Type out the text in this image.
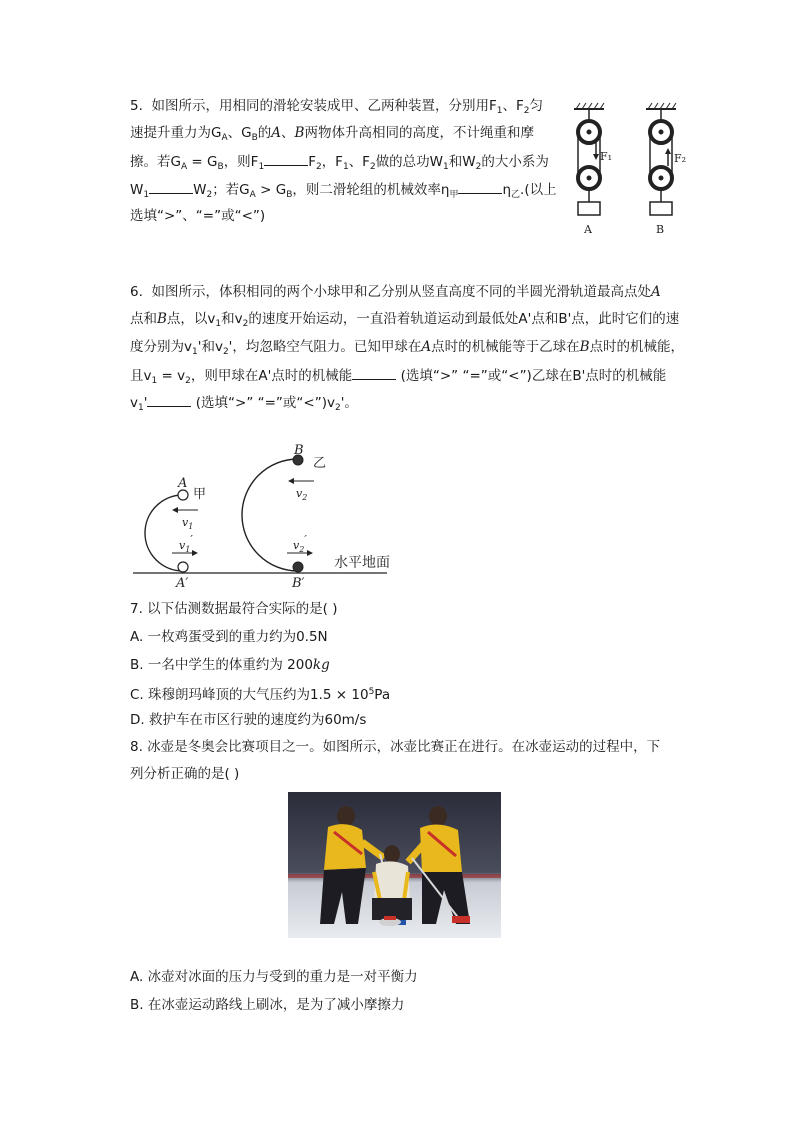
5. 如图所示，用相同的滑轮安装成甲、乙两种装置，分别用$F_1$、$F_2$匀
速提升重力为$G_A$、$G_B$的A、B两物体升高相同的高度，不计绳重和摩
擦。若$G_A = G_B$，则$F_1$	$F_2$，$F_1$、$F_2$做的总功$W_1$和$W_2$的大小系为
$W_1$	$W_2$；若$G_A > G_B$，则二滑轮组的机械效率$\eta_甲$	$\eta_乙$.(以上
选填“>”、“=”或“<”)
F₁
A
F₂
B
6. 如图所示，体积相同的两个小球甲和乙分别从竖直高度不同的半圆光滑轨道最高点处A
点和B点，以$v_1$和$v_2$的速度开始运动，一直沿着轨道运动到最低处A'点和B'点，此时它们的速
度分别为$v_1'$和$v_2'$，均忽略空气阻力。已知甲球在A点时的机械能等于乙球在B点时的机械能，
且$v_1 = v_2$，则甲球在A'点时的机械能	(选填“>” “=”或“<”)乙球在B'点时的机械能
$v_1'$	(选填“>” “=”或“$<”)v_2'$。
水平地面
A
甲
$v_1$
$v_1'$
A′
B
乙
$v_2$
$v_2'$
B′
7. 以下估测数据最符合实际的是( )
A. 一枚鸡蛋受到的重力约为0.5N
B. 一名中学生的体重约为 200kg
C. 珠穆朗玛峰顶的大气压约为$1.5 \times 10^5Pa$
D. 救护车在市区行驶的速度约为60m/s
8. 冰壶是冬奥会比赛项目之一。如图所示，冰壶比赛正在进行。在冰壶运动的过程中，下
列分析正确的是( )
A. 冰壶对冰面的压力与受到的重力是一对平衡力
B. 在冰壶运动路线上刷冰，是为了减小摩擦力
